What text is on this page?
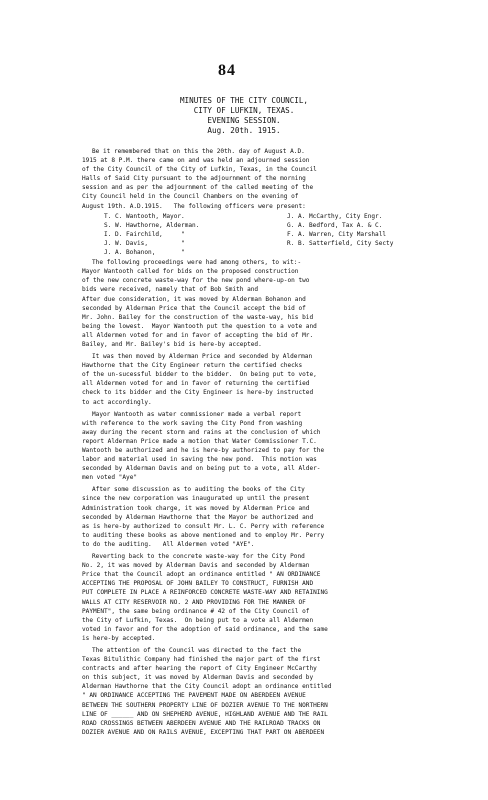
84
MINUTES OF THE CITY COUNCIL,
CITY OF LUFKIN, TEXAS.
EVENING SESSION.
Aug. 20th. 1915.
Be it remembered that on this the 20th. day of August A.D.
1915 at 8 P.M. there came on and was held an adjourned session
of the City Council of the City of Lufkin, Texas, in the Council
Halls of Said City pursuant to the adjournment of the morning
session and as per the adjournment of the called meeting of the
City Council held in the Council Chambers on the evening of
August 19th. A.D.1915.   The following officers were present:
T. C. Wantooth, Mayor.
S. W. Hawthorne, Alderman.
I. D. Fairchild,     "
J. W. Davis,         "
J. A. Bohanon,       "
J. A. McCarthy, City Engr.
G. A. Bedford, Tax A. & C.
F. A. Warren, City Marshall
R. B. Satterfield, City Secty
The following proceedings were had among others, to wit:-
Mayor Wantooth called for bids on the proposed construction
of the new concrete waste-way for the new pond where-up-on two
bids were received, namely that of Bob Smith and
After due consideration, it was moved by Alderman Bohanon and
seconded by Alderman Price that the Council accept the bid of
Mr. John. Bailey for the construction of the waste-way, his bid
being the lowest.  Mayor Wantooth put the question to a vote and
all Aldermen voted for and in favor of accepting the bid of Mr.
Bailey, and Mr. Bailey's bid is here-by accepted.
It was then moved by Alderman Price and seconded by Alderman
Hawthorne that the City Engineer return the certified checks
of the un-sucessful bidder to the bidder.  On being put to vote,
all Aldermen voted for and in favor of returning the certified
check to its bidder and the City Engineer is here-by instructed
to act accordingly.
Mayor Wantooth as water commissioner made a verbal report
with reference to the work saving the City Pond from washing
away during the recent storm and rains at the conclusion of which
report Alderman Price made a motion that Water Commissioner T.C.
Wantooth be authorized and he is here-by authorized to pay for the
labor and material used in saving the new pond.  This motion was
seconded by Alderman Davis and on being put to a vote, all Alder-
men voted "Aye"
After some discussion as to auditing the books of the City
since the new corporation was inaugurated up until the present
Administration took charge, it was moved by Alderman Price and
seconded by Alderman Hawthorne that the Mayor be authorized and
as is here-by authorized to consult Mr. L. C. Perry with reference
to auditing these books as above mentioned and to employ Mr. Perry
to do the auditing.   All Aldermen voted "AYE".
Reverting back to the concrete waste-way for the City Pond
No. 2, it was moved by Alderman Davis and seconded by Alderman
Price that the Council adopt an ordinance entitled " AN ORDINANCE
ACCEPTING THE PROPOSAL OF JOHN BAILEY TO CONSTRUCT, FURNISH AND
PUT COMPLETE IN PLACE A REINFORCED CONCRETE WASTE-WAY AND RETAINING
WALLS AT CITY RESERVOIR NO. 2 AND PROVIDING FOR THE MANNER OF
PAYMENT", the same being ordinance # 42 of the City Council of
the City of Lufkin, Texas.  On being put to a vote all Aldermen
voted in favor and for the adoption of said ordinance, and the same
is here-by accepted.
The attention of the Council was directed to the fact the
Texas Bitulithic Company had finished the major part of the first
contracts and after hearing the report of City Engineer McCarthy
on this subject, it was moved by Alderman Davis and seconded by
Alderman Hawthorne that the City Council adopt an ordinance entitled
" AN ORDINANCE ACCEPTING THE PAVEMENT MADE ON ABERDEEN AVENUE
BETWEEN THE SOUTHERN PROPERTY LINE OF DOZIER AVENUE TO THE NORTHERN
LINE OF ______ AND ON SHEPHERD AVENUE, HIGHLAND AVENUE AND THE RAIL
ROAD CROSSINGS BETWEEN ABERDEEN AVENUE AND THE RAILROAD TRACKS ON
DOZIER AVENUE AND ON RAILS AVENUE, EXCEPTING THAT PART ON ABERDEEN
